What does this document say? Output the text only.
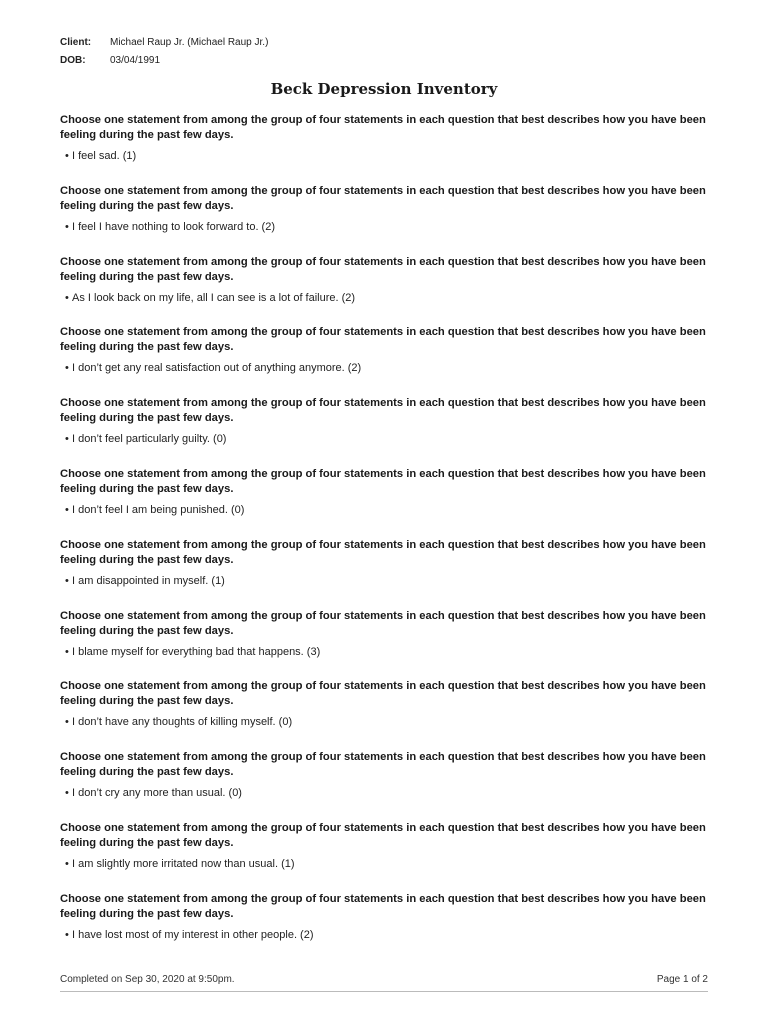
Client:	Michael Raup Jr. (Michael Raup Jr.)
DOB:	03/04/1991
Beck Depression Inventory
Choose one statement from among the group of four statements in each question that best describes how you have been feeling during the past few days.
• I feel sad. (1)
Choose one statement from among the group of four statements in each question that best describes how you have been feeling during the past few days.
• I feel I have nothing to look forward to. (2)
Choose one statement from among the group of four statements in each question that best describes how you have been feeling during the past few days.
• As I look back on my life, all I can see is a lot of failure. (2)
Choose one statement from among the group of four statements in each question that best describes how you have been feeling during the past few days.
• I don’t get any real satisfaction out of anything anymore. (2)
Choose one statement from among the group of four statements in each question that best describes how you have been feeling during the past few days.
• I don’t feel particularly guilty. (0)
Choose one statement from among the group of four statements in each question that best describes how you have been feeling during the past few days.
• I don’t feel I am being punished. (0)
Choose one statement from among the group of four statements in each question that best describes how you have been feeling during the past few days.
• I am disappointed in myself. (1)
Choose one statement from among the group of four statements in each question that best describes how you have been feeling during the past few days.
• I blame myself for everything bad that happens. (3)
Choose one statement from among the group of four statements in each question that best describes how you have been feeling during the past few days.
• I don’t have any thoughts of killing myself. (0)
Choose one statement from among the group of four statements in each question that best describes how you have been feeling during the past few days.
• I don’t cry any more than usual. (0)
Choose one statement from among the group of four statements in each question that best describes how you have been feeling during the past few days.
• I am slightly more irritated now than usual. (1)
Choose one statement from among the group of four statements in each question that best describes how you have been feeling during the past few days.
• I have lost most of my interest in other people. (2)
Completed on Sep 30, 2020 at 9:50pm.	Page 1 of 2
